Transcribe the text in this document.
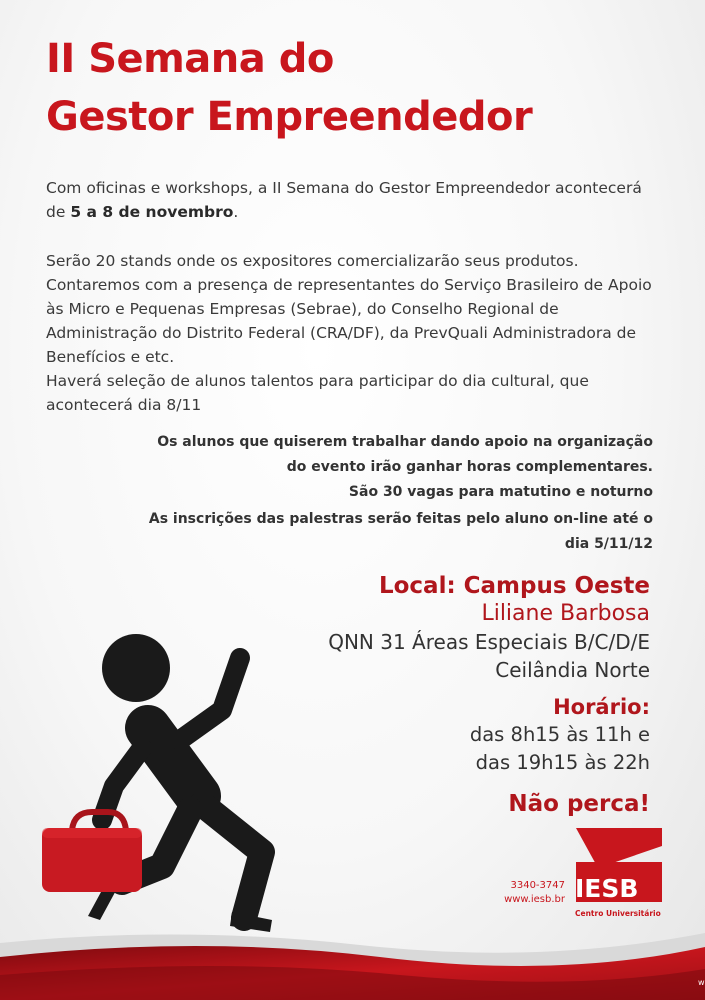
II Semana do
Gestor Empreendedor

Com oficinas e workshops, a II Semana do Gestor Empreendedor acontecerá de 5 a 8 de novembro.

Serão 20 stands onde os expositores comercializarão seus produtos. Contaremos com a presença de representantes do Serviço Brasileiro de Apoio às Micro e Pequenas Empresas (Sebrae), do Conselho Regional de Administração do Distrito Federal (CRA/DF), da PrevQuali Administradora de Benefícios e etc.

Haverá seleção de alunos talentos para participar do dia cultural, que acontecerá dia 8/11

Os alunos que quiserem trabalhar dando apoio na organização do evento irão ganhar horas complementares.

São 30 vagas para matutino e noturno

As inscrições das palestras serão feitas pelo aluno on-line até o dia 5/11/12

Local: Campus Oeste
Liliane Barbosa
QNN 31 Áreas Especiais B/C/D/E
Ceilândia Norte
Horário:
das 8h15 às 11h e
das 19h15 às 22h
Não perca!
3340-3747
www.iesb.br IESB
Centro Universitário
w
